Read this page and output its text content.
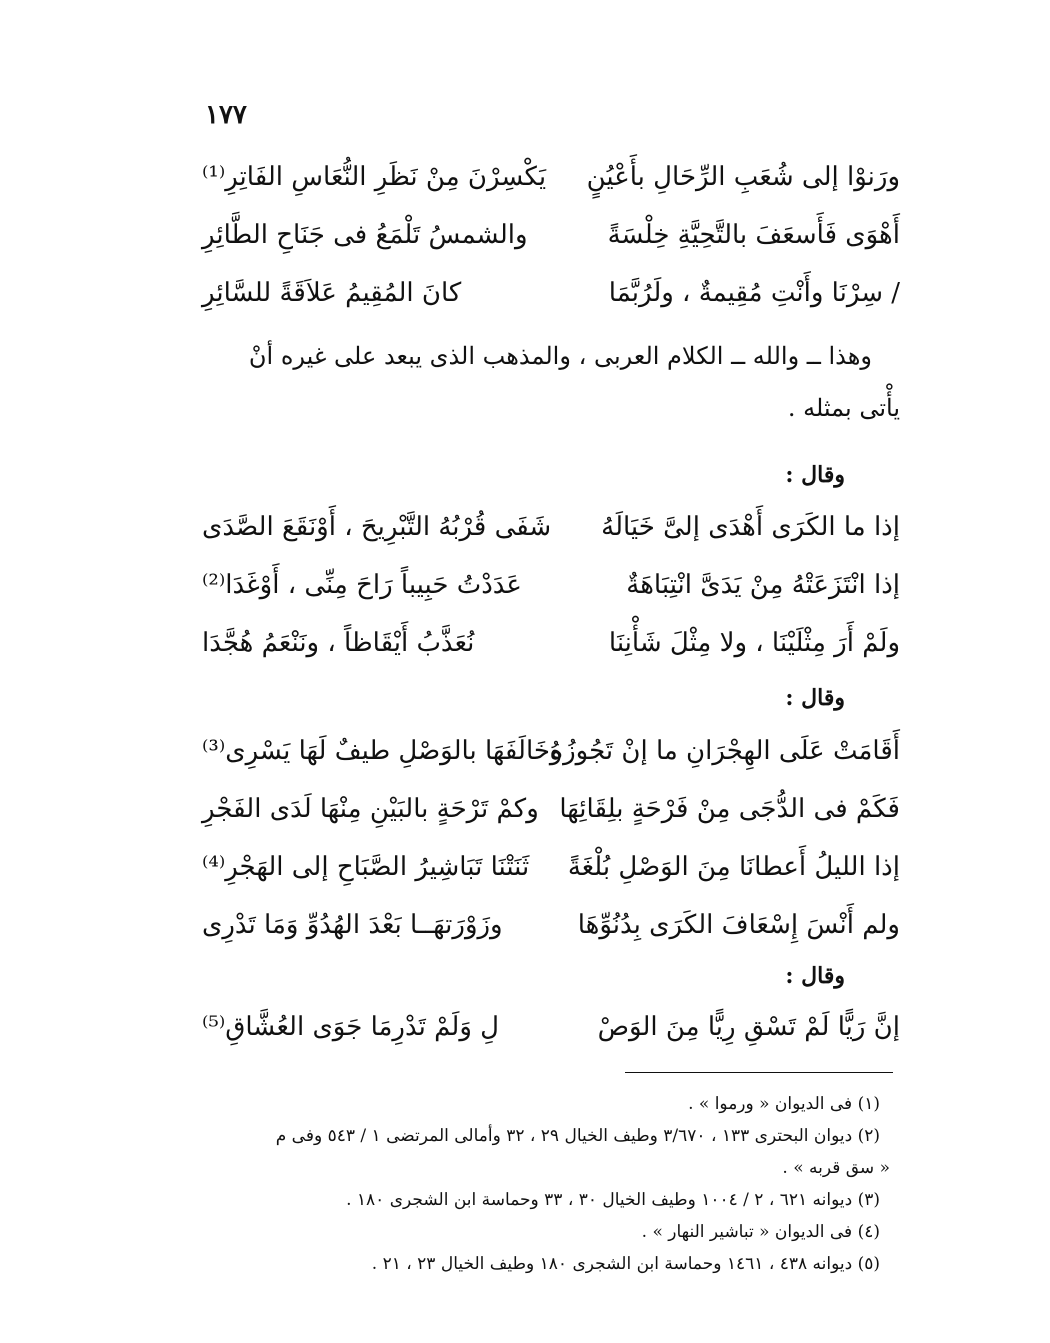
١٧٧
ورَنوْا إلى شُعَبِ الرِّحَالِ بأَعْيُنٍ
يَكْسِرْنَ مِنْ نَظَرِ النُّعَاسِ الفَاتِرِ⁽¹⁾
أَهْوَى فَأَسعَفَ بالتَّحِيَّةِ خِلْسَةً
والشمسُ تَلْمَعُ فى جَنَاحِ الطَّائِرِ
/ سِرْنَا وأَنْتِ مُقِيمةٌ ، ولَرُبَّمَا
كانَ المُقِيمُ عَلاَقَةً للسَّائِرِ
وهذا ــ والله ــ الكلام العربى ، والمذهب الذى يبعد على غيره أنْ
يأْتى بمثله .
وقال :
إذا ما الكَرَى أَهْدَى إلىَّ خَيَالَهُ
شَفَى قُرْبُهُ التَّبْرِيحَ ، أَوْنَقَعَ الصَّدَى
إذا انْتَزَعَتْهُ مِنْ يَدَىَّ انْتِبَاهَةٌ
عَدَدْتُ حَبِيباً رَاحَ مِنِّى ، أَوْغَدَا⁽²⁾
ولَمْ أَرَ مِثْلَيْنَا ، ولا مِثْلَ شَأْنِنَا
نُعَذَّبُ أَيْقَاظاً ، ونَنْعَمُ هُجَّدَا
وقال :
أَقَامَتْ عَلَى الهِجْرَانِ ما إنْ تَجُوزُهُ
وخَالَفَهَا بالوَصْلِ طيفٌ لَهَا يَسْرِى⁽³⁾
فَكَمْ فى الدُّجَى مِنْ فَرْحَةٍ بلِقَائِهَا
وكمْ تَرْحَةٍ بالبَيْنِ مِنْهَا لَدَى الفَجْرِ
إذا الليلُ أَعطانَا مِنَ الوَصْلِ بُلْغَةً
ثَنَتْنَا تَبَاشِيرُ الصَّبَاحِ إلى الهَجْرِ⁽⁴⁾
ولم أَنْسَ إِسْعَافَ الكَرَى بِدُنُوِّهَا
وزَوْرَتهَــا بَعْدَ الهُدُوِّ وَمَا تَدْرِى
وقال :
إنَّ رَيًّا لَمْ تَسْقِ رِيًّا مِنَ الوَصْ
لِ وَلَمْ تَدْرِمَا جَوَى العُشَّاقِ⁽⁵⁾
(١) فى الديوان « ورموا » .
(٢) ديوان البحترى ١٣٣ ، ٣/٦٧٠ وطيف الخيال ٢٩ ، ٣٢ وأمالى المرتضى ١ / ٥٤٣ وفى م
« سق قربه » .
(٣) ديوانه ٦٢١ ، ٢ / ١٠٠٤ وطيف الخيال ٣٠ ، ٣٣ وحماسة ابن الشجرى ١٨٠ .
(٤) فى الديوان « تباشير النهار » .
(٥) ديوانه ٤٣٨ ، ١٤٦١ وحماسة ابن الشجرى ١٨٠ وطيف الخيال ٢٣ ، ٢١ .
